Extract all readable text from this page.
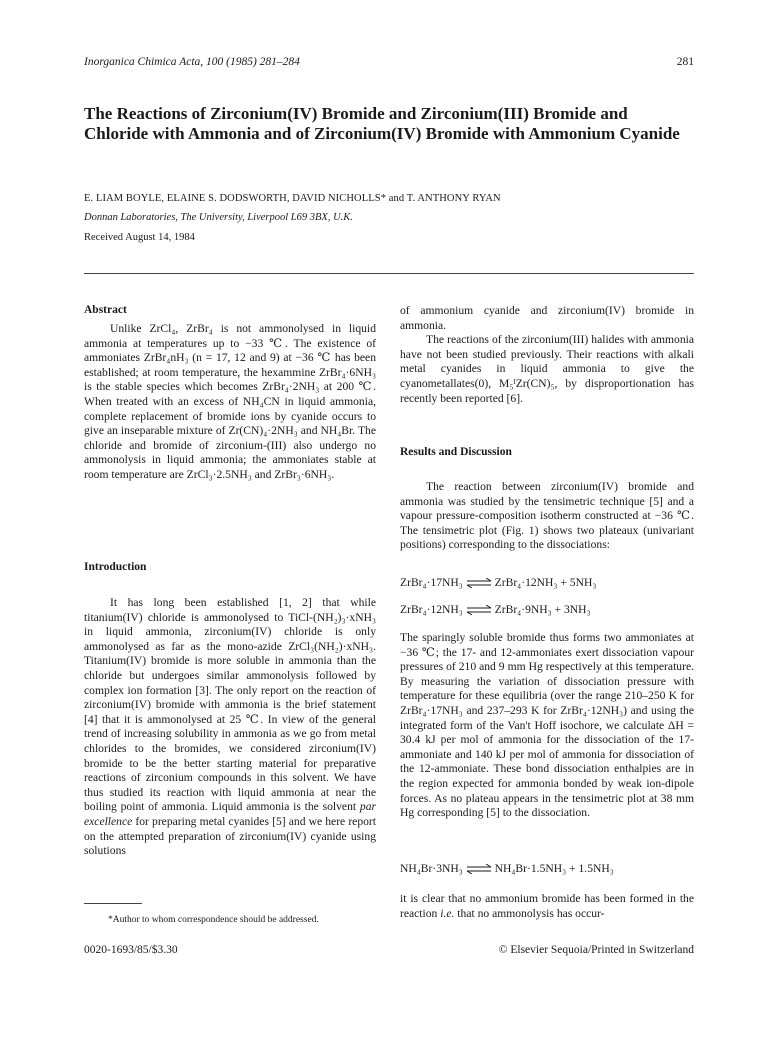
Inorganica Chimica Acta, 100 (1985) 281–284	281
The Reactions of Zirconium(IV) Bromide and Zirconium(III) Bromide and Chloride with Ammonia and of Zirconium(IV) Bromide with Ammonium Cyanide
E. LIAM BOYLE, ELAINE S. DODSWORTH, DAVID NICHOLLS* and T. ANTHONY RYAN
Donnan Laboratories, The University, Liverpool L69 3BX, U.K.
Received August 14, 1984
Abstract

Unlike ZrCl₄, ZrBr₄ is not ammonolysed in liquid ammonia at temperatures up to −33 ℃. The existence of ammoniates ZrBr₄nH₃ (n = 17, 12 and 9) at −36 ℃ has been established; at room temperature, the hexammine ZrBr₄·6NH₃ is the stable species which becomes ZrBr₄·2NH₃ at 200 ℃. When treated with an excess of NH₄CN in liquid ammonia, complete replacement of bromide ions by cyanide occurs to give an inseparable mixture of Zr(CN)₄·2NH₃ and NH₄Br. The chloride and bromide of zirconium-(III) also undergo no ammonolysis in liquid ammonia; the ammoniates stable at room temperature are ZrCl₃·2.5NH₃ and ZrBr₃·6NH₃.

Introduction

It has long been established [1, 2] that while titanium(IV) chloride is ammonolysed to TiCl-(NH₂)₃·xNH₃ in liquid ammonia, zirconium(IV) chloride is only ammonolysed as far as the mono-azide ZrCl₃(NH₂)·xNH₃. Titanium(IV) bromide is more soluble in ammonia than the chloride but undergoes similar ammonolysis followed by complex ion formation [3]. The only report on the reaction of zirconium(IV) bromide with ammonia is the brief statement [4] that it is ammonolysed at 25 ℃. In view of the general trend of increasing solubility in ammonia as we go from metal chlorides to the bromides, we considered zirconium(IV) bromide to be the better starting material for preparative reactions of zirconium compounds in this solvent. We have thus studied its reaction with liquid ammonia at near the boiling point of ammonia. Liquid ammonia is the solvent par excellence for preparing metal cyanides [5] and we here report on the attempted preparation of zirconium(IV) cyanide using solutions

of ammonium cyanide and zirconium(IV) bromide in ammonia.

The reactions of the zirconium(III) halides with ammonia have not been studied previously. Their reactions with alkali metal cyanides in liquid ammonia to give the cyanometallates(0), M₅ᴵZr(CN)₅, by disproportionation has recently been reported [6].

Results and Discussion

The reaction between zirconium(IV) bromide and ammonia was studied by the tensimetric technique [5] and a vapour pressure-composition isotherm constructed at −36 ℃. The tensimetric plot (Fig. 1) shows two plateaux (univariant positions) corresponding to the dissociations:

ZrBr₄·17NH₃ ⇌ ZrBr₄·12NH₃ + 5NH₃
ZrBr₄·12NH₃ ⇌ ZrBr₄·9NH₃ + 3NH₃

The sparingly soluble bromide thus forms two ammoniates at −36 ℃; the 17- and 12-ammoniates exert dissociation vapour pressures of 210 and 9 mm Hg respectively at this temperature. By measuring the variation of dissociation pressure with temperature for these equilibria (over the range 210–250 K for ZrBr₄·17NH₃ and 237–293 K for ZrBr₄·12NH₃) and using the integrated form of the Van't Hoff isochore, we calculate ΔH = 30.4 kJ per mol of ammonia for the dissociation of the 17-ammoniate and 140 kJ per mol of ammonia for dissociation of the 12-ammoniate. These bond dissociation enthalpies are in the region expected for ammonia bonded by weak ion-dipole forces. As no plateau appears in the tensimetric plot at 38 mm Hg corresponding [5] to the dissociation.

NH₄Br·3NH₃ ⇌ NH₄Br·1.5NH₃ + 1.5NH₃

it is clear that no ammonium bromide has been formed in the reaction i.e. that no ammonolysis has occur-

*Author to whom correspondence should be addressed.
0020-1693/85/$3.30	© Elsevier Sequoia/Printed in Switzerland
